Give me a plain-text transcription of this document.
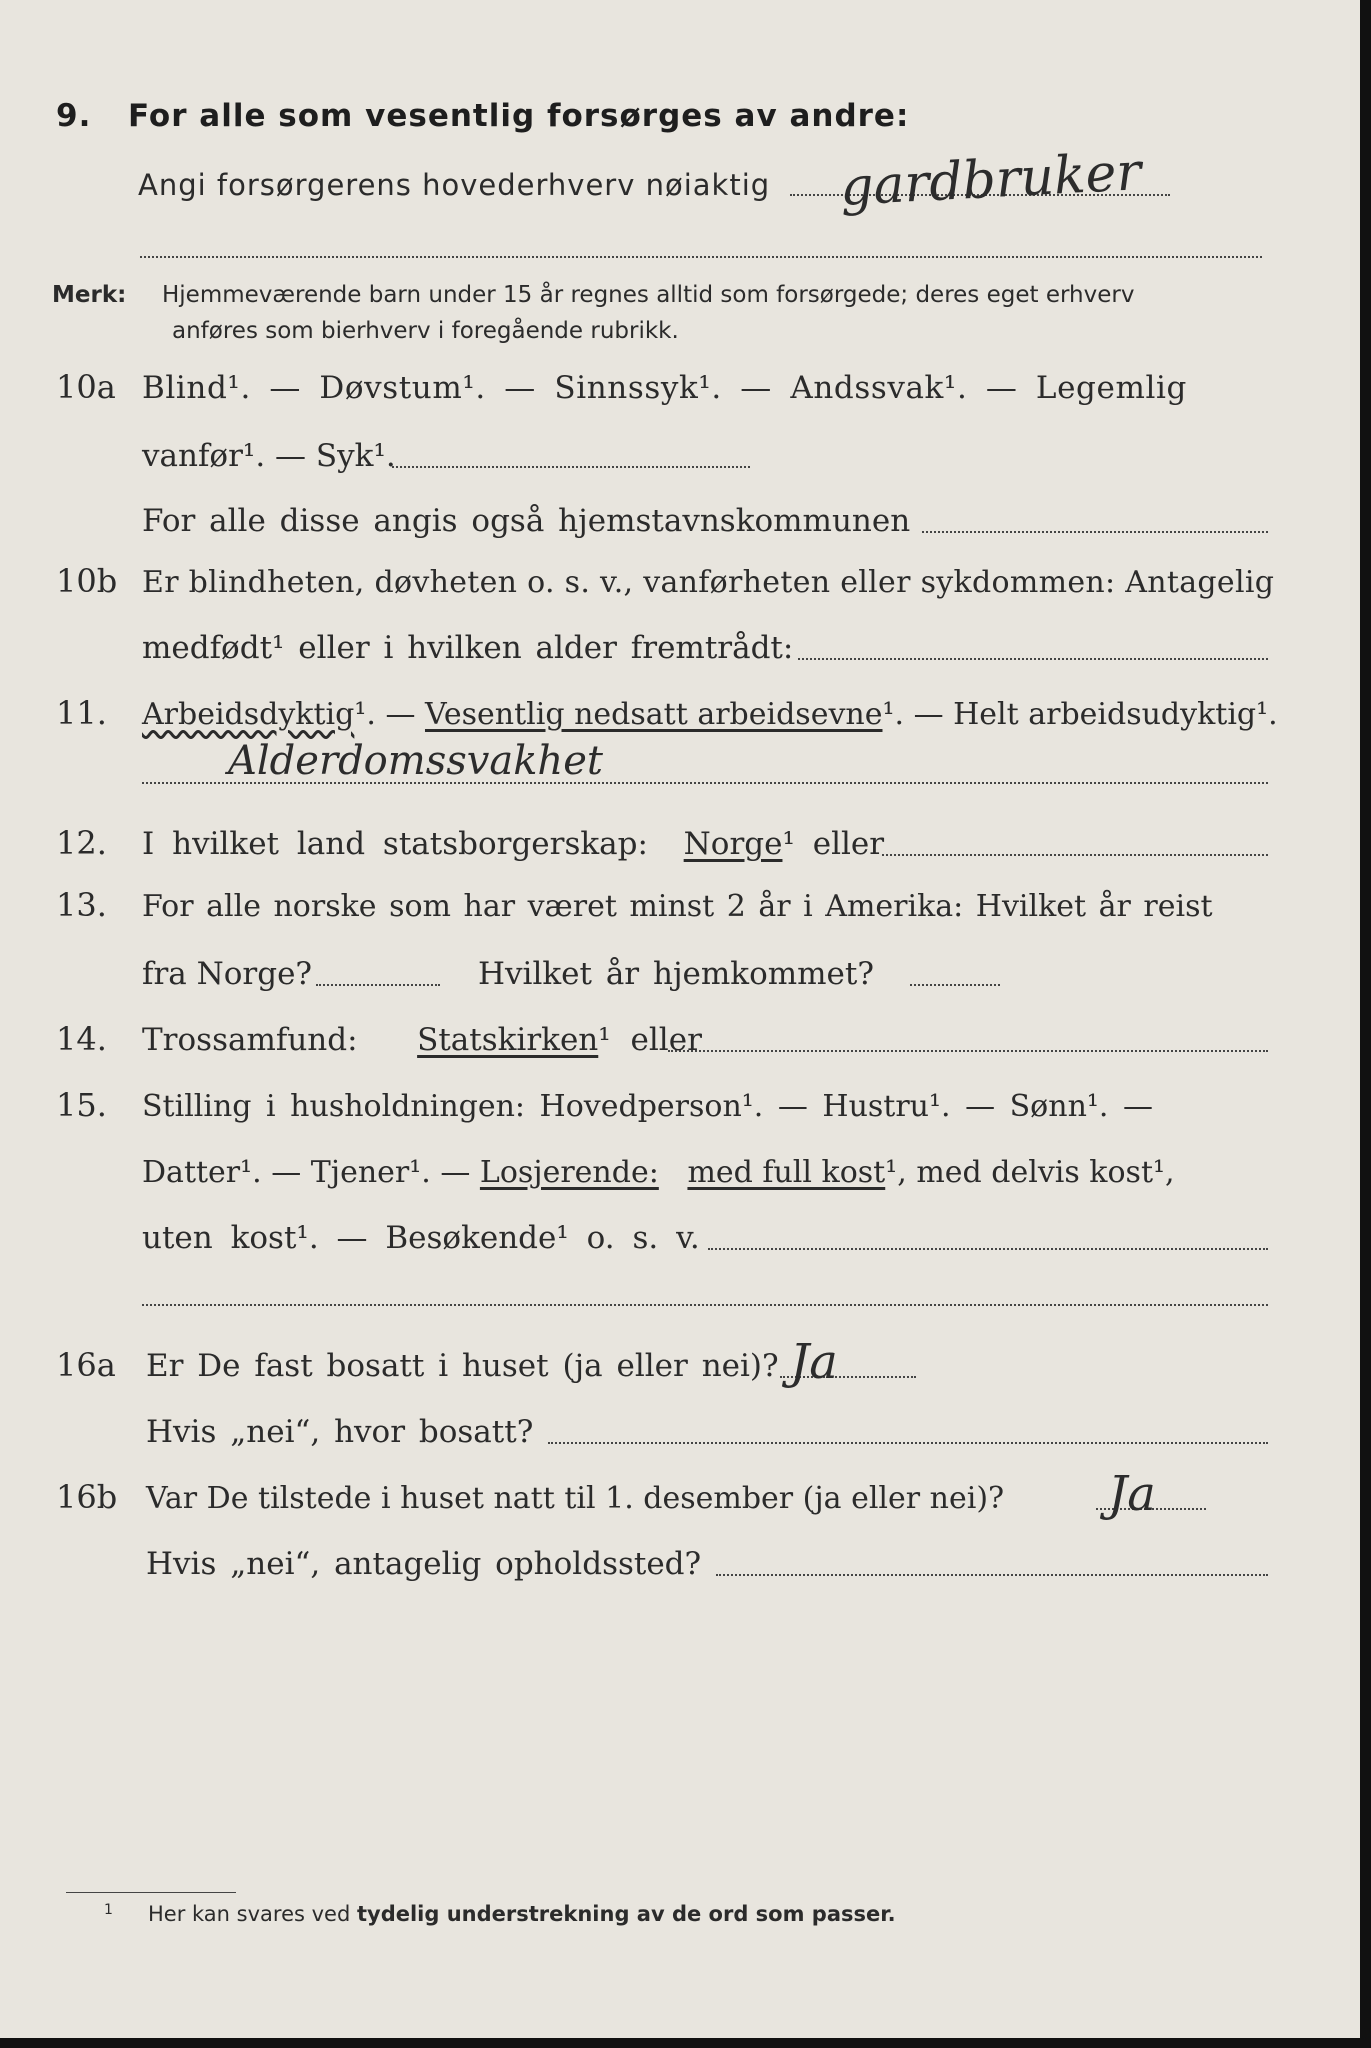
9. For alle som vesentlig forsørges av andre:
Angi forsørgerens hovederhverv nøiaktig gardbruker
Merk: Hjemmeværende barn under 15 år regnes alltid som forsørgede; deres eget erhverv
anføres som bierhverv i foregående rubrikk.
10a Blind¹. — Døvstum¹. — Sinnssyk¹. — Andssvak¹. — Legemlig
vanfør¹. — Syk¹.
For alle disse angis også hjemstavnskommunen
10b Er blindheten, døvheten o. s. v., vanførheten eller sykdommen: Antagelig
medfødt¹ eller i hvilken alder fremtrådt:
11. Arbeidsdyktig¹. — Vesentlig nedsatt arbeidsevne¹. — Helt arbeidsudyktig¹.
Alderdomssvakhet
12. I hvilket land statsborgerskap: Norge¹ eller
13. For alle norske som har været minst 2 år i Amerika: Hvilket år reist
fra Norge?	Hvilket år hjemkommet?
14. Trossamfund: Statskirken¹ eller
15. Stilling i husholdningen: Hovedperson¹. — Hustru¹. — Sønn¹. —
Datter¹. — Tjener¹. — Losjerende: med full kost¹, med delvis kost¹,
uten kost¹. — Besøkende¹ o. s. v.
16a Er De fast bosatt i huset (ja eller nei)? Ja
Hvis „nei“, hvor bosatt?
16b Var De tilstede i huset natt til 1. desember (ja eller nei)? Ja
Hvis „nei“, antagelig opholdssted?
1 Her kan svares ved tydelig understrekning av de ord som passer.
